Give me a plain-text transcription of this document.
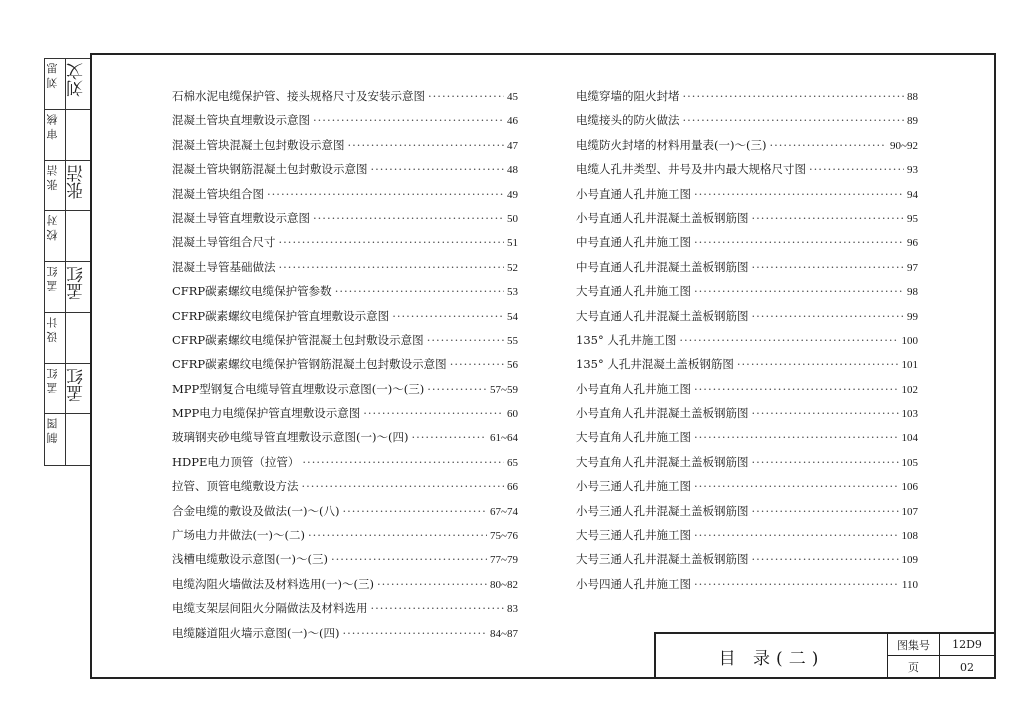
刘 思 刘文
审 核
张 洁 张洁
校 对
孟 红 孟红
设 计
孟 红 孟红
制 图
石棉水泥电缆保护管、接头规格尺寸及安装示意图 ·····	45
混凝土管块直埋敷设示意图 ·····	46
混凝土管块混凝土包封敷设示意图 ·····	47
混凝土管块钢筋混凝土包封敷设示意图 ·····	48
混凝土管块组合图 ·····	49
混凝土导管直埋敷设示意图 ·····	50
混凝土导管组合尺寸 ·····	51
混凝土导管基础做法 ·····	52
CFRP碳素螺纹电缆保护管参数 ·····	53
CFRP碳素螺纹电缆保护管直埋敷设示意图 ·····	54
CFRP碳素螺纹电缆保护管混凝土包封敷设示意图 ·····	55
CFRP碳素螺纹电缆保护管钢筋混凝土包封敷设示意图 ·····	56
MPP型钢复合电缆导管直埋敷设示意图(一)～(三) ·····	57~59
MPP电力电缆保护管直埋敷设示意图 ·····	60
玻璃钢夹砂电缆导管直埋敷设示意图(一)～(四) ·····	61~64
HDPE电力顶管（拉管） ·····	65
拉管、顶管电缆敷设方法 ·····	66
合金电缆的敷设及做法(一)～(八) ·····	67~74
广场电力井做法(一)～(二) ·····	75~76
浅槽电缆敷设示意图(一)～(三) ·····	77~79
电缆沟阻火墙做法及材料选用(一)～(三) ·····	80~82
电缆支架层间阻火分隔做法及材料选用 ·····	83
电缆隧道阻火墙示意图(一)～(四) ·····	84~87
电缆穿墙的阻火封堵 ·····	88
电缆接头的防火做法 ·····	89
电缆防火封堵的材料用量表(一)～(三) ·····	90~92
电缆人孔井类型、井号及井内最大规格尺寸图 ·····	93
小号直通人孔井施工图 ·····	94
小号直通人孔井混凝土盖板钢筋图 ·····	95
中号直通人孔井施工图 ·····	96
中号直通人孔井混凝土盖板钢筋图 ·····	97
大号直通人孔井施工图 ·····	98
大号直通人孔井混凝土盖板钢筋图 ·····	99
135° 人孔井施工图 ·····	100
135° 人孔井混凝土盖板钢筋图 ·····	101
小号直角人孔井施工图 ·····	102
小号直角人孔井混凝土盖板钢筋图 ·····	103
大号直角人孔井施工图 ·····	104
大号直角人孔井混凝土盖板钢筋图 ·····	105
小号三通人孔井施工图 ·····	106
小号三通人孔井混凝土盖板钢筋图 ·····	107
大号三通人孔井施工图 ·····	108
大号三通人孔井混凝土盖板钢筋图 ·····	109
小号四通人孔井施工图 ·····	110
目 录(二)
图集号	12D9
页	02
